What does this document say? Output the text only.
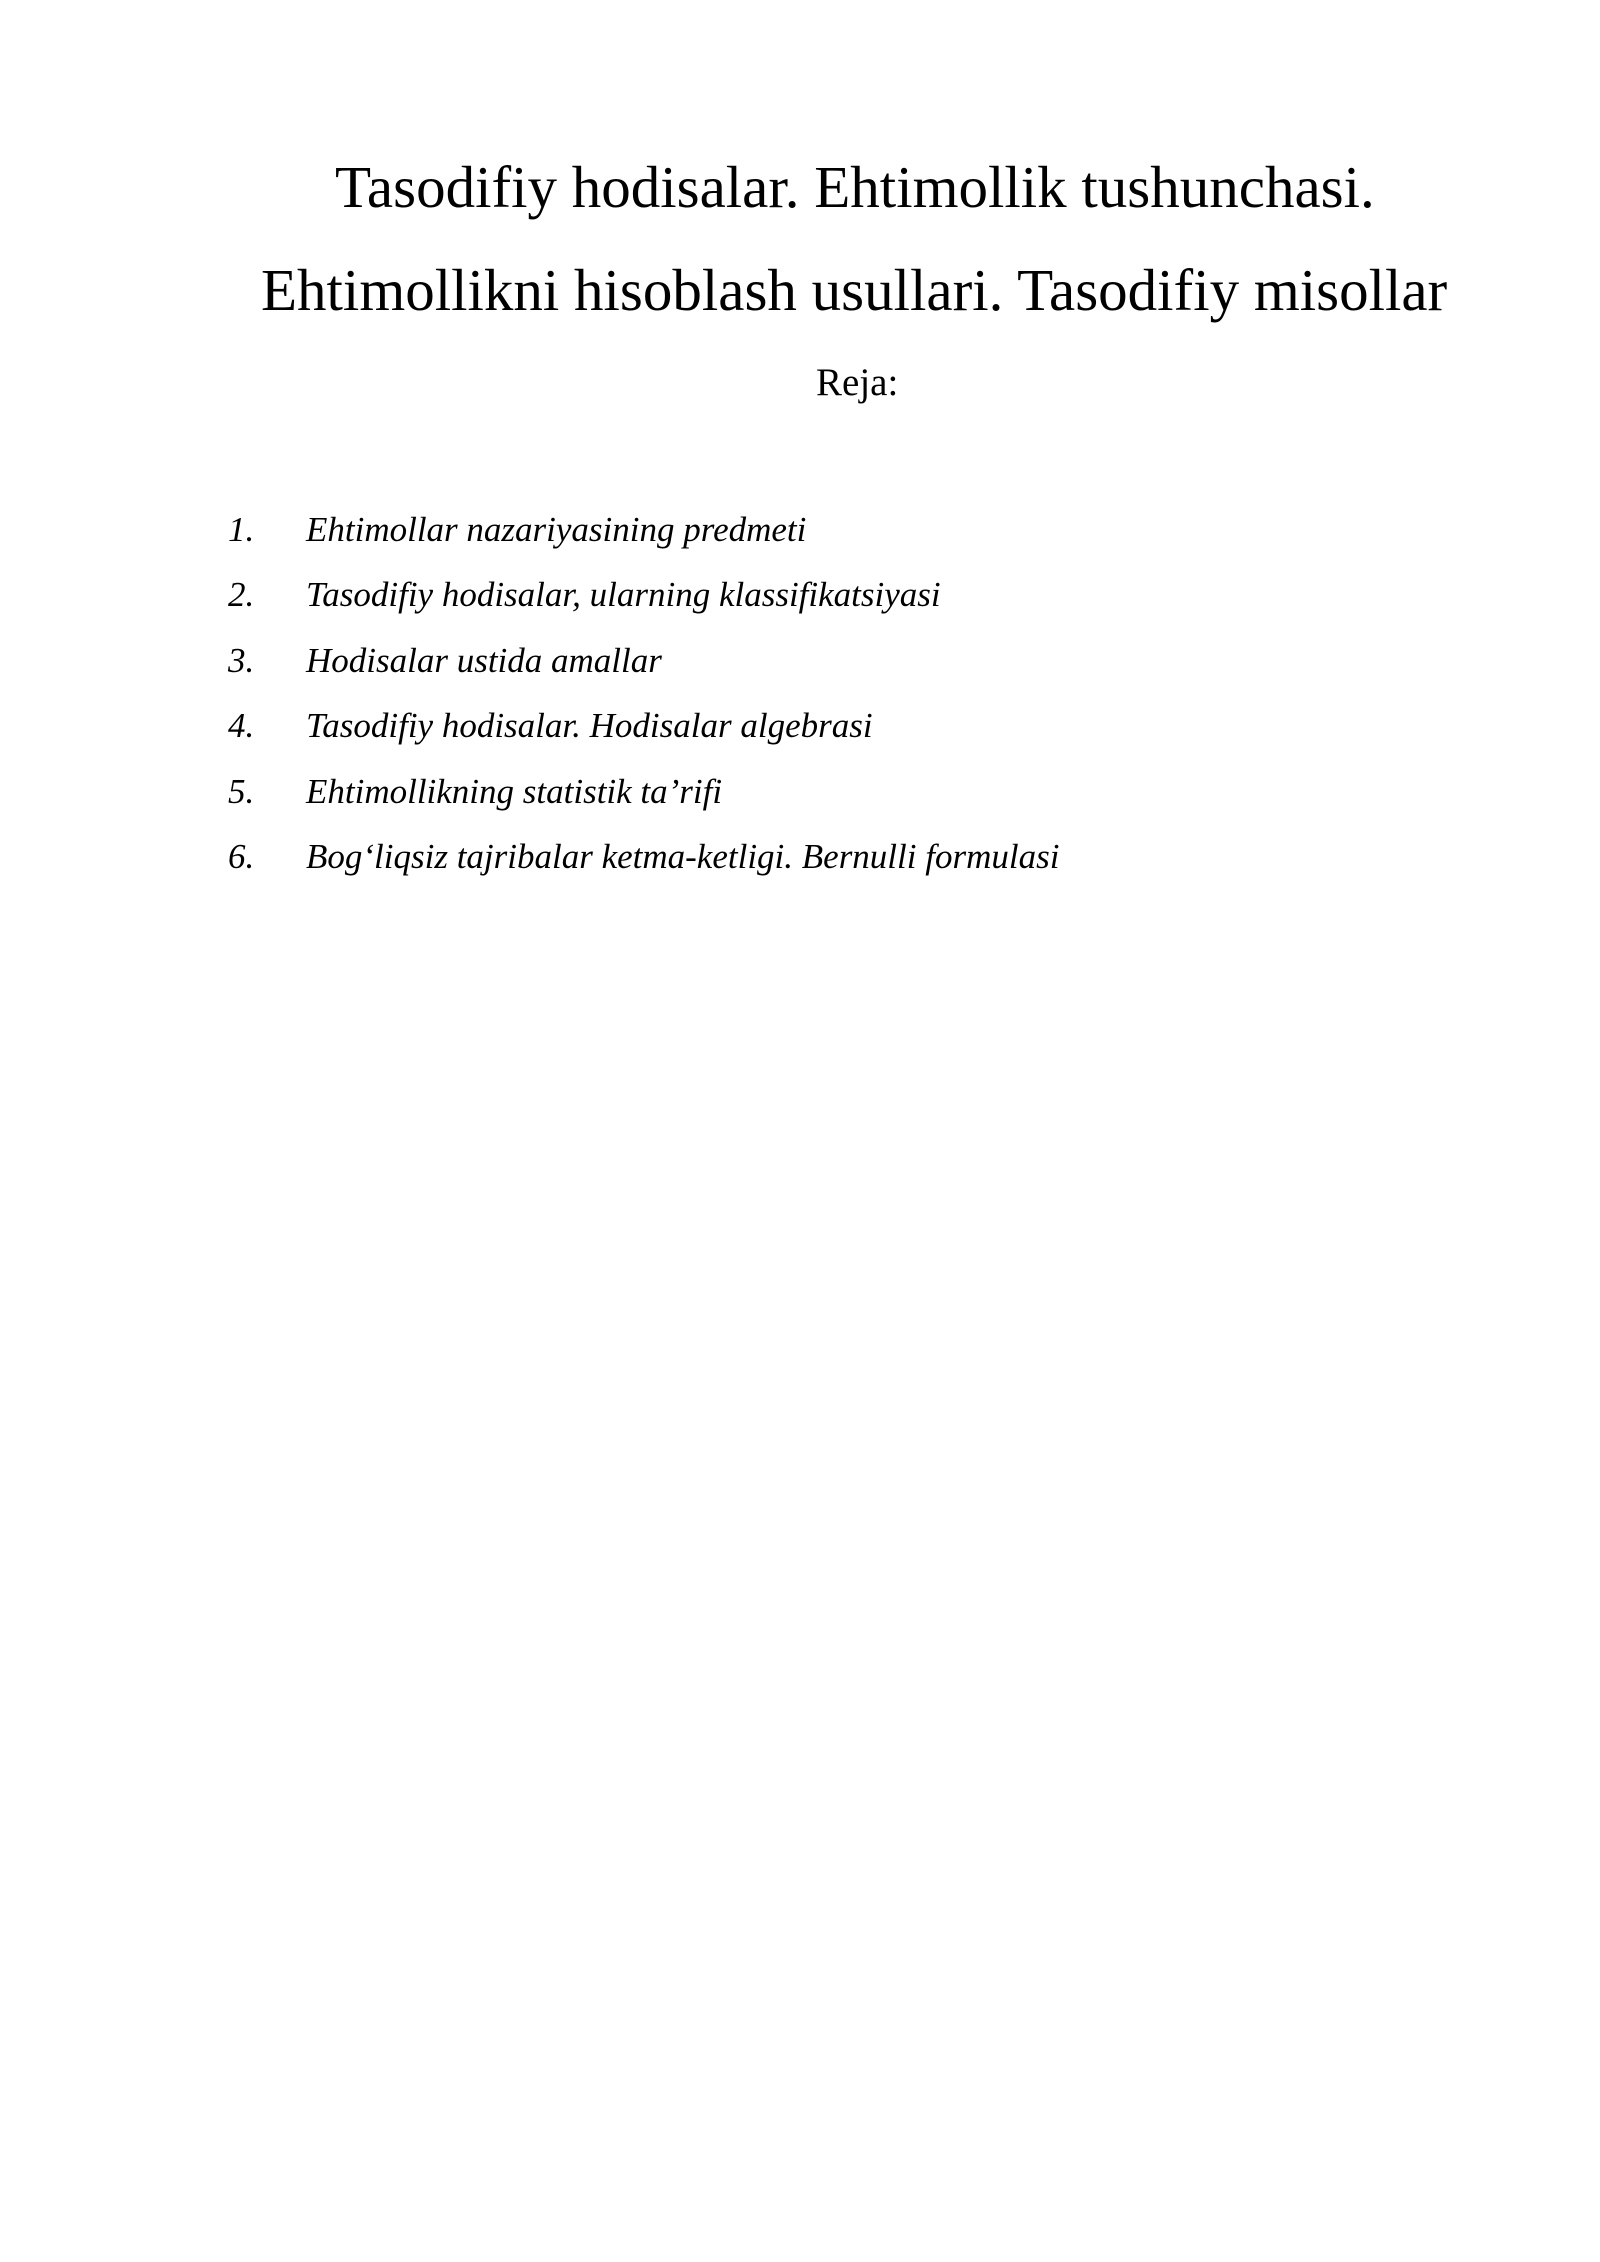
Tasodifiy hodisalar. Ehtimollik tushunchasi.
Ehtimollikni hisoblash usullari. Tasodifiy misollar
Reja:
1. Ehtimollar nazariyasining predmeti
2. Tasodifiy hodisalar, ularning klassifikatsiyasi
3. Hodisalar ustida amallar
4. Tasodifiy hodisalar. Hodisalar algebrasi
5. Ehtimollikning statistik ta’rifi
6. Bog‘liqsiz tajribalar ketma-ketligi. Bernulli formulasi
